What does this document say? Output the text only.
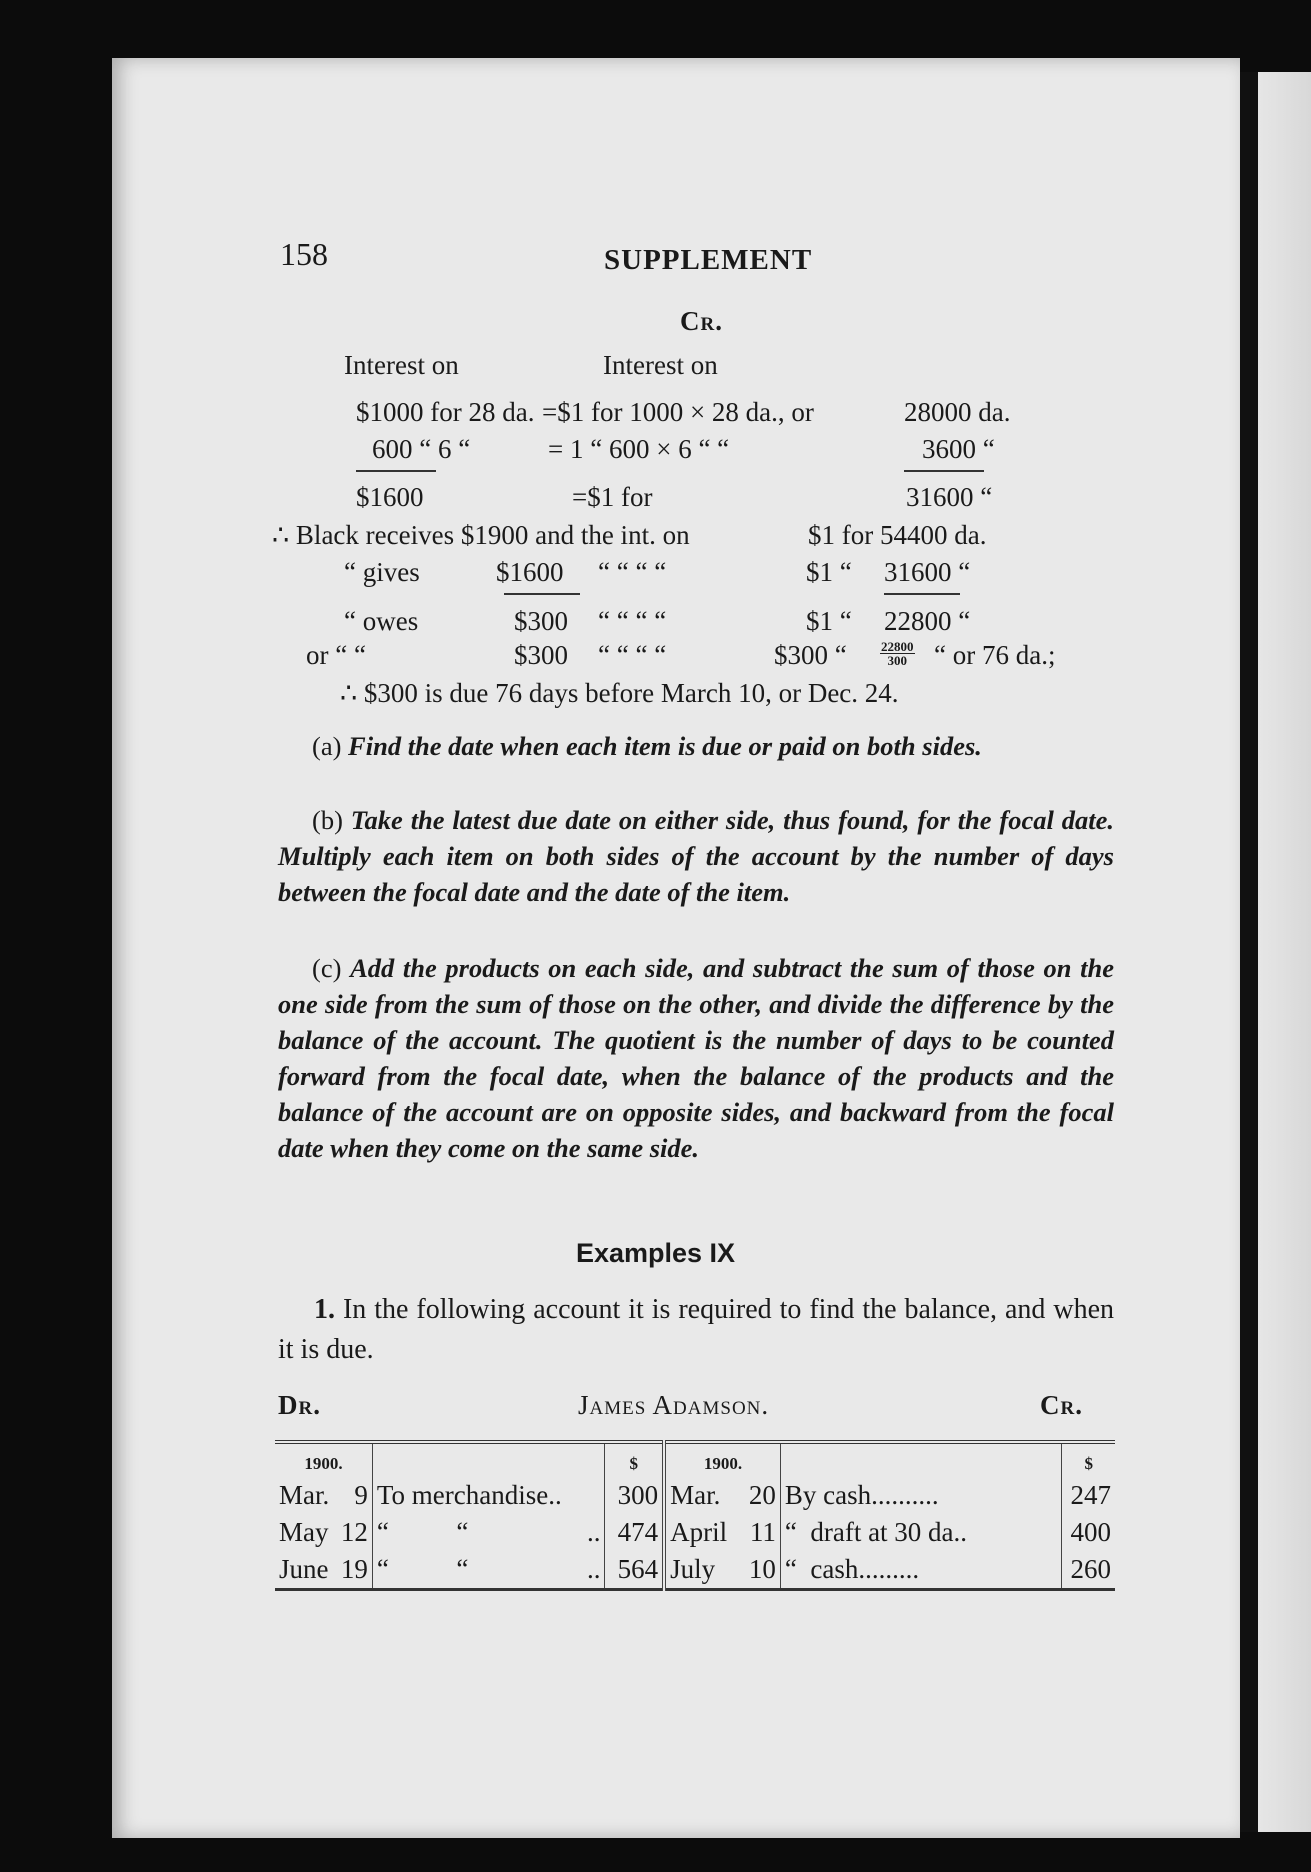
158	SUPPLEMENT
Cr.
Interest on	Interest on
$1000 for 28 da. =$1 for 1000 × 28 da., or	28000 da.
600 “ 6 “	= 1 “ 600 × 6 “ “	3600 “
$1600	=$1 for	31600 “
∴ Black receives $1900 and the int. on	$1 for 54400 da.
“ gives	$1600 “ “ “ “	$1 “ 31600 “
“ owes	$300 “ “ “ “	$1 “ 22800 “
or “ “	$300 “ “ “ “	$300 “	$\frac{22800}{300}$ “ or 76 da.;
∴ $300 is due 76 days before March 10, or Dec. 24.
(a) Find the date when each item is due or paid on both sides.
(b) Take the latest due date on either side, thus found, for the focal date. Multiply each item on both sides of the account by the number of days between the focal date and the date of the item.
(c) Add the products on each side, and subtract the sum of those on the one side from the sum of those on the other, and divide the difference by the balance of the account. The quotient is the number of days to be counted forward from the focal date, when the balance of the products and the balance of the account are on opposite sides, and backward from the focal date when they come on the same side.
Examples IX
1. In the following account it is required to find the balance, and when it is due.
Dr.	James Adamson.	Cr.
1900.			$	1900.			$
Mar.	9	To merchandise..	300	Mar.	20	By cash..........	247
May	12	“          “ ..	474	April	11	“  draft at 30 da..	400
June	19	“          “ ..	564	July	10	“  cash.........	260
